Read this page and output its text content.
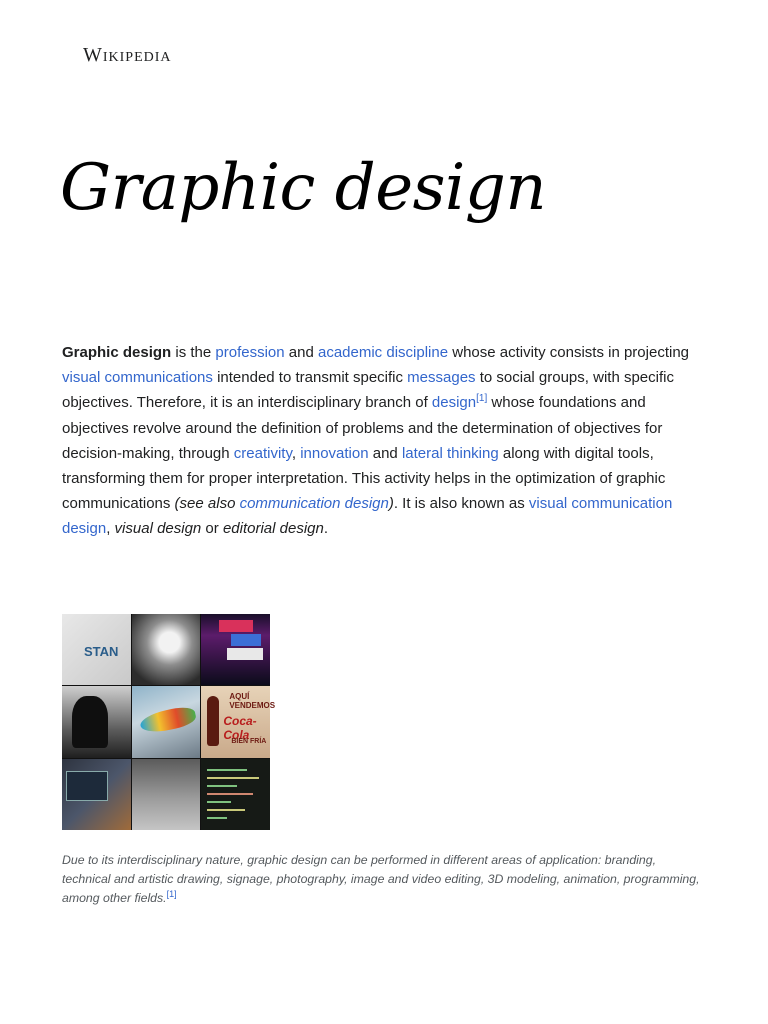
Wikipedia
Graphic design

Graphic design is the profession and academic discipline whose activity consists in projecting visual communications intended to transmit specific messages to social groups, with specific objectives. Therefore, it is an interdisciplinary branch of design[1] whose foundations and objectives revolve around the definition of problems and the determination of objectives for decision-making, through creativity, innovation and lateral thinking along with digital tools, transforming them for proper interpretation. This activity helps in the optimization of graphic communications (see also communication design). It is also known as visual communication design, visual design or editorial design.

STAN
AQUÍ VENDEMOS
Coca-Cola
BIEN FRÍA

Due to its interdisciplinary nature, graphic design can be performed in different areas of application: branding, technical and artistic drawing, signage, photography, image and video editing, 3D modeling, animation, programming, among other fields.[1]
